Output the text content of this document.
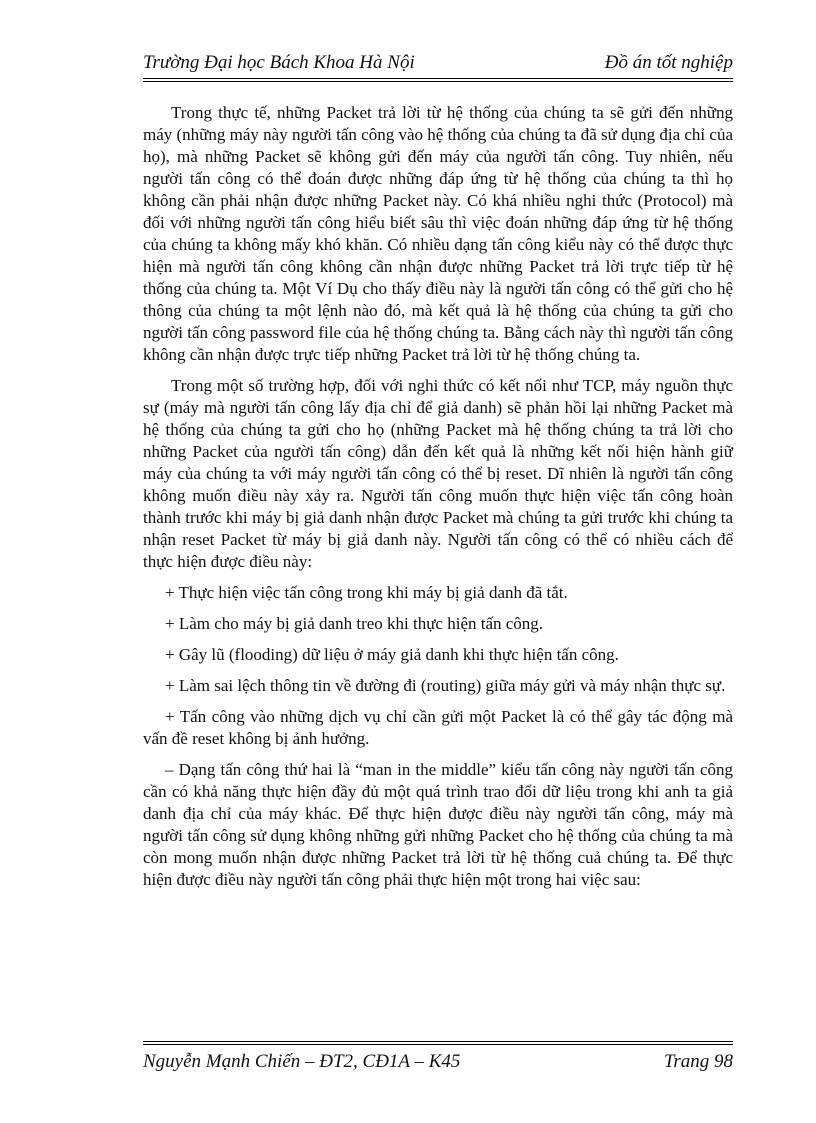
Trường Đại học Bách Khoa Hà Nội	Đồ án tốt nghiệp

Trong thực tế, những Packet trả lời từ hệ thống của chúng ta sẽ gửi đến những máy (những máy này người tấn công vào hệ thống của chúng ta đã sử dụng địa chỉ của họ), mà những Packet sẽ không gửi đến máy của người tấn công. Tuy nhiên, nếu người tấn công có thể đoán được những đáp ứng từ hệ thống của chúng ta thì họ không cần phải nhận được những Packet này. Có khá nhiều nghi thức (Protocol) mà đối với những người tấn công hiểu biết sâu thì việc đoán những đáp ứng từ hệ thống của chúng ta không mấy khó khăn. Có nhiều dạng tấn công kiểu này có thể được thực hiện mà người tấn công không cần nhận được những Packet trả lời trực tiếp từ hệ thống của chúng ta. Một Ví Dụ cho thấy điều này là người tấn công có thể gửi cho hệ thông của chúng ta một lệnh nào đó, mà kết quả là hệ thống của chúng ta gửi cho người tấn công password file của hệ thống chúng ta. Bằng cách này thì người tấn công không cần nhận được trực tiếp những Packet trả lời từ hệ thống chúng ta.

Trong một số trường hợp, đối với nghi thức có kết nối như TCP, máy nguồn thực sự (máy mà người tấn công lấy địa chỉ để giả danh) sẽ phản hồi lại những Packet mà hệ thống của chúng ta gửi cho họ (những Packet mà hệ thống chúng ta trả lời cho những Packet của người tấn công) dẫn đến kết quả là những kết nối hiện hành giữ máy của chúng ta với máy người tấn công có thể bị reset. Dĩ nhiên là người tấn công không muốn điều này xảy ra. Người tấn công muốn thực hiện việc tấn công hoàn thành trước khi máy bị giả danh nhận được Packet mà chúng ta gửi trước khi chúng ta nhận reset Packet từ máy bị giả danh này. Người tấn công có thể có nhiều cách để thực hiện được điều này:

+ Thực hiện việc tấn công trong khi máy bị giả danh đã tắt.

+ Làm cho máy bị giả danh treo khi thực hiện tấn công.

+ Gây lũ (flooding) dữ liệu ở máy giả danh khi thực hiện tấn công.

+ Làm sai lệch thông tin về đường đi (routing) giữa máy gửi và máy nhận thực sự.

+ Tấn công vào những dịch vụ chỉ cần gửi một Packet là có thể gây tác động mà vấn đề reset không bị ảnh hưởng.

– Dạng tấn công thứ hai là “man in the middle” kiểu tấn công này người tấn công cần có khả năng thực hiện đầy đủ một quá trình trao đổi dữ liệu trong khi anh ta giả danh địa chỉ của máy khác. Để thực hiện được điều này người tấn công, máy mà người tấn công sử dụng không những gửi những Packet cho hệ thống của chúng ta mà còn mong muốn nhận được những Packet trả lời từ hệ thống cuả chúng ta. Để thực hiện được điều này người tấn công phải thực hiện một trong hai việc sau:

Nguyễn Mạnh Chiến – ĐT2, CĐ1A – K45	Trang 98
